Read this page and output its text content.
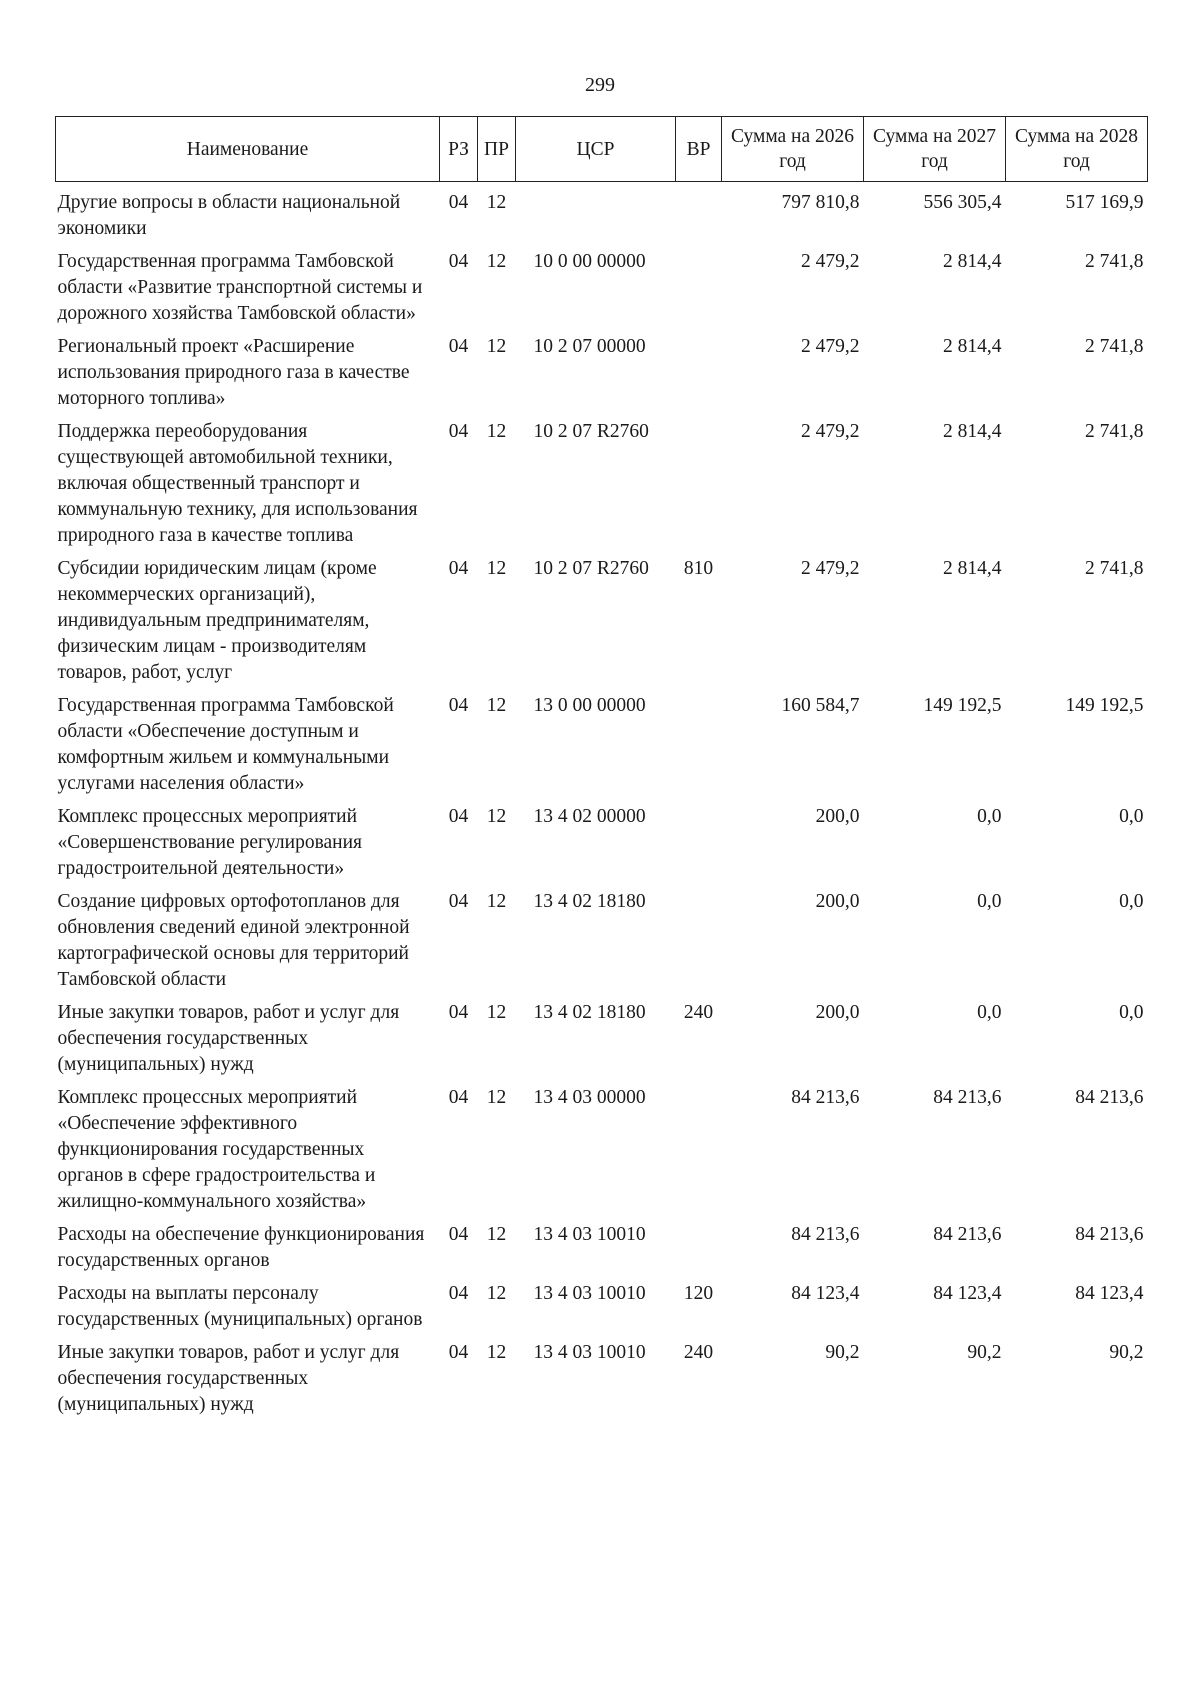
299
Наименование	РЗ	ПР	ЦСР	ВР	Сумма на 2026 год	Сумма на 2027 год	Сумма на 2028 год
Другие вопросы в области национальной экономики	04	12			797 810,8	556 305,4	517 169,9
Государственная программа Тамбовской области «Развитие транспортной системы и дорожного хозяйства Тамбовской области»	04	12	10 0 00 00000		2 479,2	2 814,4	2 741,8
Региональный проект «Расширение использования природного газа в качестве моторного топлива»	04	12	10 2 07 00000		2 479,2	2 814,4	2 741,8
Поддержка переоборудования существующей автомобильной техники, включая общественный транспорт и коммунальную технику, для использования природного газа в качестве топлива	04	12	10 2 07 R2760		2 479,2	2 814,4	2 741,8
Субсидии юридическим лицам (кроме некоммерческих организаций), индивидуальным предпринимателям, физическим лицам - производителям товаров, работ, услуг	04	12	10 2 07 R2760	810	2 479,2	2 814,4	2 741,8
Государственная программа Тамбовской области «Обеспечение доступным и комфортным жильем и коммунальными услугами населения области»	04	12	13 0 00 00000		160 584,7	149 192,5	149 192,5
Комплекс процессных мероприятий «Совершенствование регулирования градостроительной деятельности»	04	12	13 4 02 00000		200,0	0,0	0,0
Создание цифровых ортофотопланов для обновления сведений единой электронной картографической основы для территорий Тамбовской области	04	12	13 4 02 18180		200,0	0,0	0,0
Иные закупки товаров, работ и услуг для обеспечения государственных (муниципальных) нужд	04	12	13 4 02 18180	240	200,0	0,0	0,0
Комплекс процессных мероприятий «Обеспечение эффективного функционирования государственных органов в сфере градостроительства и жилищно-коммунального хозяйства»	04	12	13 4 03 00000		84 213,6	84 213,6	84 213,6
Расходы на обеспечение функционирования государственных органов	04	12	13 4 03 10010		84 213,6	84 213,6	84 213,6
Расходы на выплаты персоналу государственных (муниципальных) органов	04	12	13 4 03 10010	120	84 123,4	84 123,4	84 123,4
Иные закупки товаров, работ и услуг для обеспечения государственных (муниципальных) нужд	04	12	13 4 03 10010	240	90,2	90,2	90,2
